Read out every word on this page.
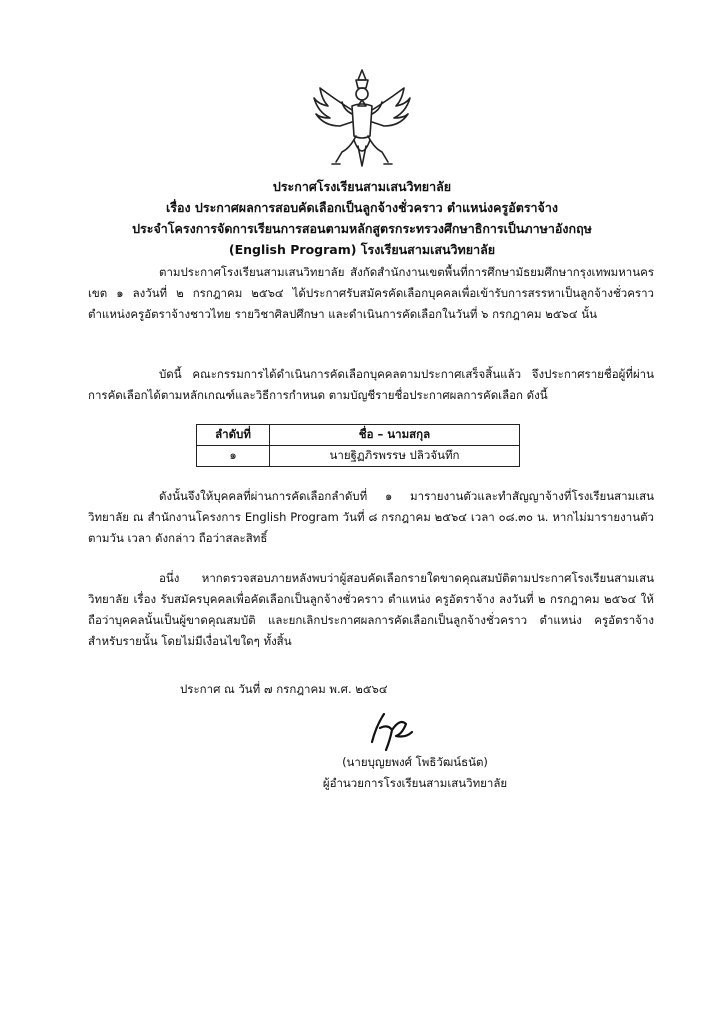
ประกาศโรงเรียนสามเสนวิทยาลัย
เรื่อง ประกาศผลการสอบคัดเลือกเป็นลูกจ้างชั่วคราว ตำแหน่งครูอัตราจ้าง
ประจำโครงการจัดการเรียนการสอนตามหลักสูตรกระทรวงศึกษาธิการเป็นภาษาอังกฤษ
(English Program) โรงเรียนสามเสนวิทยาลัย

ตามประกาศโรงเรียนสามเสนวิทยาลัย สังกัดสำนักงานเขตพื้นที่การศึกษามัธยมศึกษากรุงเทพมหานคร เขต ๑ ลงวันที่ ๒ กรกฎาคม ๒๕๖๔ ได้ประกาศรับสมัครคัดเลือกบุคคลเพื่อเข้ารับการสรรหาเป็นลูกจ้างชั่วคราว ตำแหน่งครูอัตราจ้างชาวไทย รายวิชาศิลปศึกษา และดำเนินการคัดเลือกในวันที่ ๖ กรกฎาคม ๒๕๖๔ นั้น

บัดนี้ คณะกรรมการได้ดำเนินการคัดเลือกบุคคลตามประกาศเสร็จสิ้นแล้ว จึงประกาศรายชื่อผู้ที่ผ่านการคัดเลือกได้ตามหลักเกณฑ์และวิธีการกำหนด ตามบัญชีรายชื่อประกาศผลการคัดเลือก ดังนี้

ลำดับที่	ชื่อ – นามสกุล
๑	นายฐิฏภิรพรรษ ปลิวจันทึก

ดังนั้นจึงให้บุคคลที่ผ่านการคัดเลือกลำดับที่ ๑ มารายงานตัวและทำสัญญาจ้างที่โรงเรียนสามเสนวิทยาลัย ณ สำนักงานโครงการ English Program วันที่ ๘ กรกฎาคม ๒๕๖๔ เวลา ๐๘.๓๐ น. หากไม่มารายงานตัวตามวัน เวลา ดังกล่าว ถือว่าสละสิทธิ์

อนึ่ง หากตรวจสอบภายหลังพบว่าผู้สอบคัดเลือกรายใดขาดคุณสมบัติตามประกาศโรงเรียนสามเสนวิทยาลัย เรื่อง รับสมัครบุคคลเพื่อคัดเลือกเป็นลูกจ้างชั่วคราว ตำแหน่ง ครูอัตราจ้าง ลงวันที่ ๒ กรกฎาคม ๒๕๖๔ ให้ถือว่าบุคคลนั้นเป็นผู้ขาดคุณสมบัติ และยกเลิกประกาศผลการคัดเลือกเป็นลูกจ้างชั่วคราว ตำแหน่ง ครูอัตราจ้าง สำหรับรายนั้น โดยไม่มีเงื่อนไขใดๆ ทั้งสิ้น

ประกาศ ณ วันที่ ๗ กรกฎาคม พ.ศ. ๒๕๖๔
(นายบุญยพงศ์ โพธิวัฒน์ธนัต)
ผู้อำนวยการโรงเรียนสามเสนวิทยาลัย
